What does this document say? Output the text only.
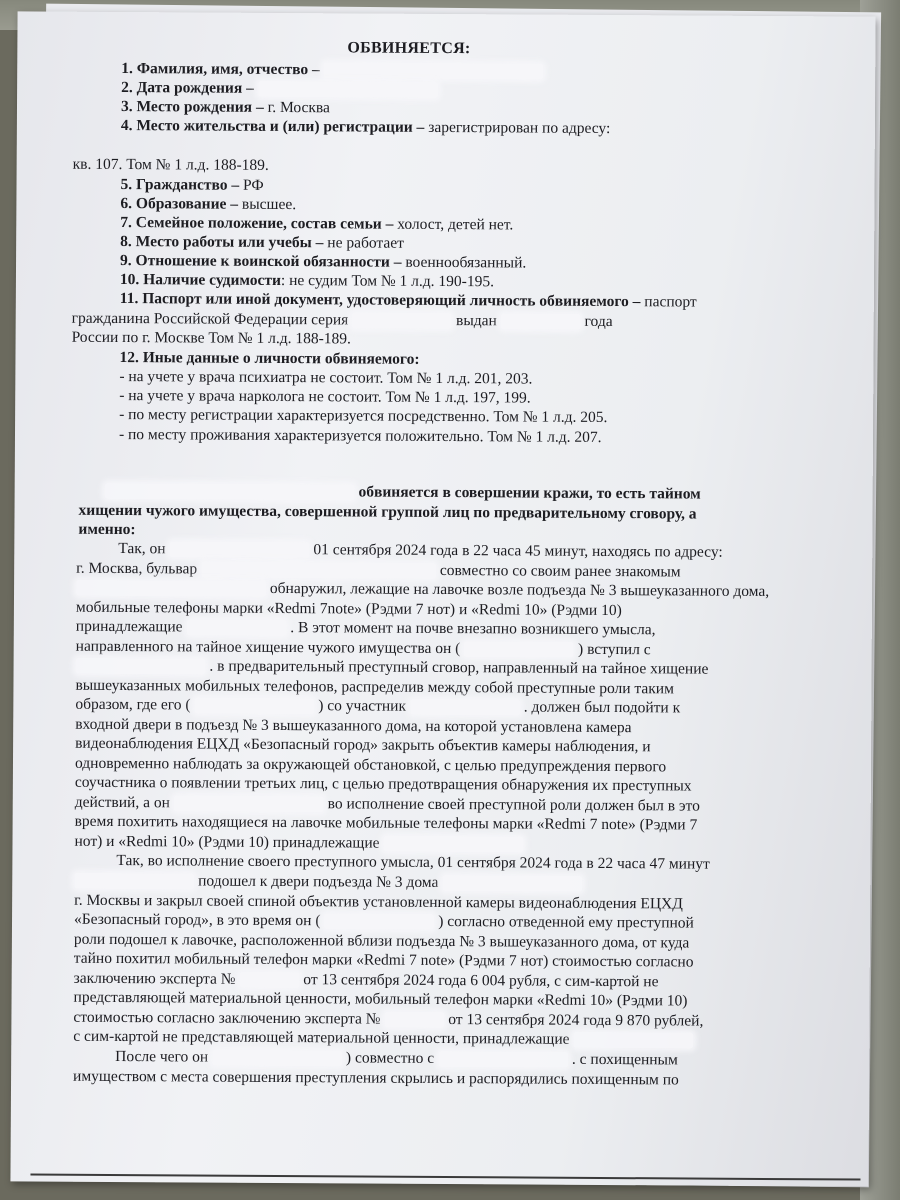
ОБВИНЯЕТСЯ:
1. Фамилия, имя, отчество –
2. Дата рождения –
3. Место рождения – г. Москва
4. Место жительства и (или) регистрации – зарегистрирован по адресу:
кв. 107. Том № 1 л.д. 188-189.
5. Гражданство – РФ
6. Образование – высшее.
7. Семейное положение, состав семьи – холост, детей нет.
8. Место работы или учебы – не работает
9. Отношение к воинской обязанности – военнообязанный.
10. Наличие судимости: не судим Том № 1 л.д. 190-195.
11. Паспорт или иной документ, удостоверяющий личность обвиняемого – паспорт
гражданина Российской Федерации серия	выдан	года
России по г. Москве Том № 1 л.д. 188-189.
12. Иные данные о личности обвиняемого:
- на учете у врача психиатра не состоит. Том № 1 л.д. 201, 203.
- на учете у врача нарколога не состоит. Том № 1 л.д. 197, 199.
- по месту регистрации характеризуется посредственно. Том № 1 л.д. 205.
- по месту проживания характеризуется положительно. Том № 1 л.д. 207.
обвиняется в совершении кражи, то есть тайном
хищении чужого имущества, совершенной группой лиц по предварительному сговору, а
именно:
Так, он	01 сентября 2024 года в 22 часа 45 минут, находясь по адресу:
г. Москва, бульвар	совместно со своим ранее знакомым
обнаружил, лежащие на лавочке возле подъезда № 3 вышеуказанного дома,
мобильные телефоны марки «Redmi 7note» (Рэдми 7 нот) и «Redmi 10» (Рэдми 10)
принадлежащие	. В этот момент на почве внезапно возникшего умысла,
направленного на тайное хищение чужого имущества он (	) вступил с
. в предварительный преступный сговор, направленный на тайное хищение
вышеуказанных мобильных телефонов, распределив между собой преступные роли таким
образом, где его (	) со участник	. должен был подойти к
входной двери в подъезд № 3 вышеуказанного дома, на которой установлена камера
видеонаблюдения ЕЦХД «Безопасный город» закрыть объектив камеры наблюдения, и
одновременно наблюдать за окружающей обстановкой, с целью предупреждения первого
соучастника о появлении третьих лиц, с целью предотвращения обнаружения их преступных
действий, а он	во исполнение своей преступной роли должен был в это
время похитить находящиеся на лавочке мобильные телефоны марки «Redmi 7 note» (Рэдми 7
нот) и «Redmi 10» (Рэдми 10) принадлежащие
Так, во исполнение своего преступного умысла, 01 сентября 2024 года в 22 часа 47 минут
подошел к двери подъезда № 3 дома
г. Москвы и закрыл своей спиной объектив установленной камеры видеонаблюдения ЕЦХД
«Безопасный город», в это время он (	) согласно отведенной ему преступной
роли подошел к лавочке, расположенной вблизи подъезда № 3 вышеуказанного дома, от куда
тайно похитил мобильный телефон марки «Redmi 7 note» (Рэдми 7 нот) стоимостью согласно
заключению эксперта №	от 13 сентября 2024 года 6 004 рубля, с сим-картой не
представляющей материальной ценности, мобильный телефон марки «Redmi 10» (Рэдми 10)
стоимостью согласно заключению эксперта №	от 13 сентября 2024 года 9 870 рублей,
с сим-картой не представляющей материальной ценности, принадлежащие
После чего он	) совместно с	. с похищенным
имуществом с места совершения преступления скрылись и распорядились похищенным по
